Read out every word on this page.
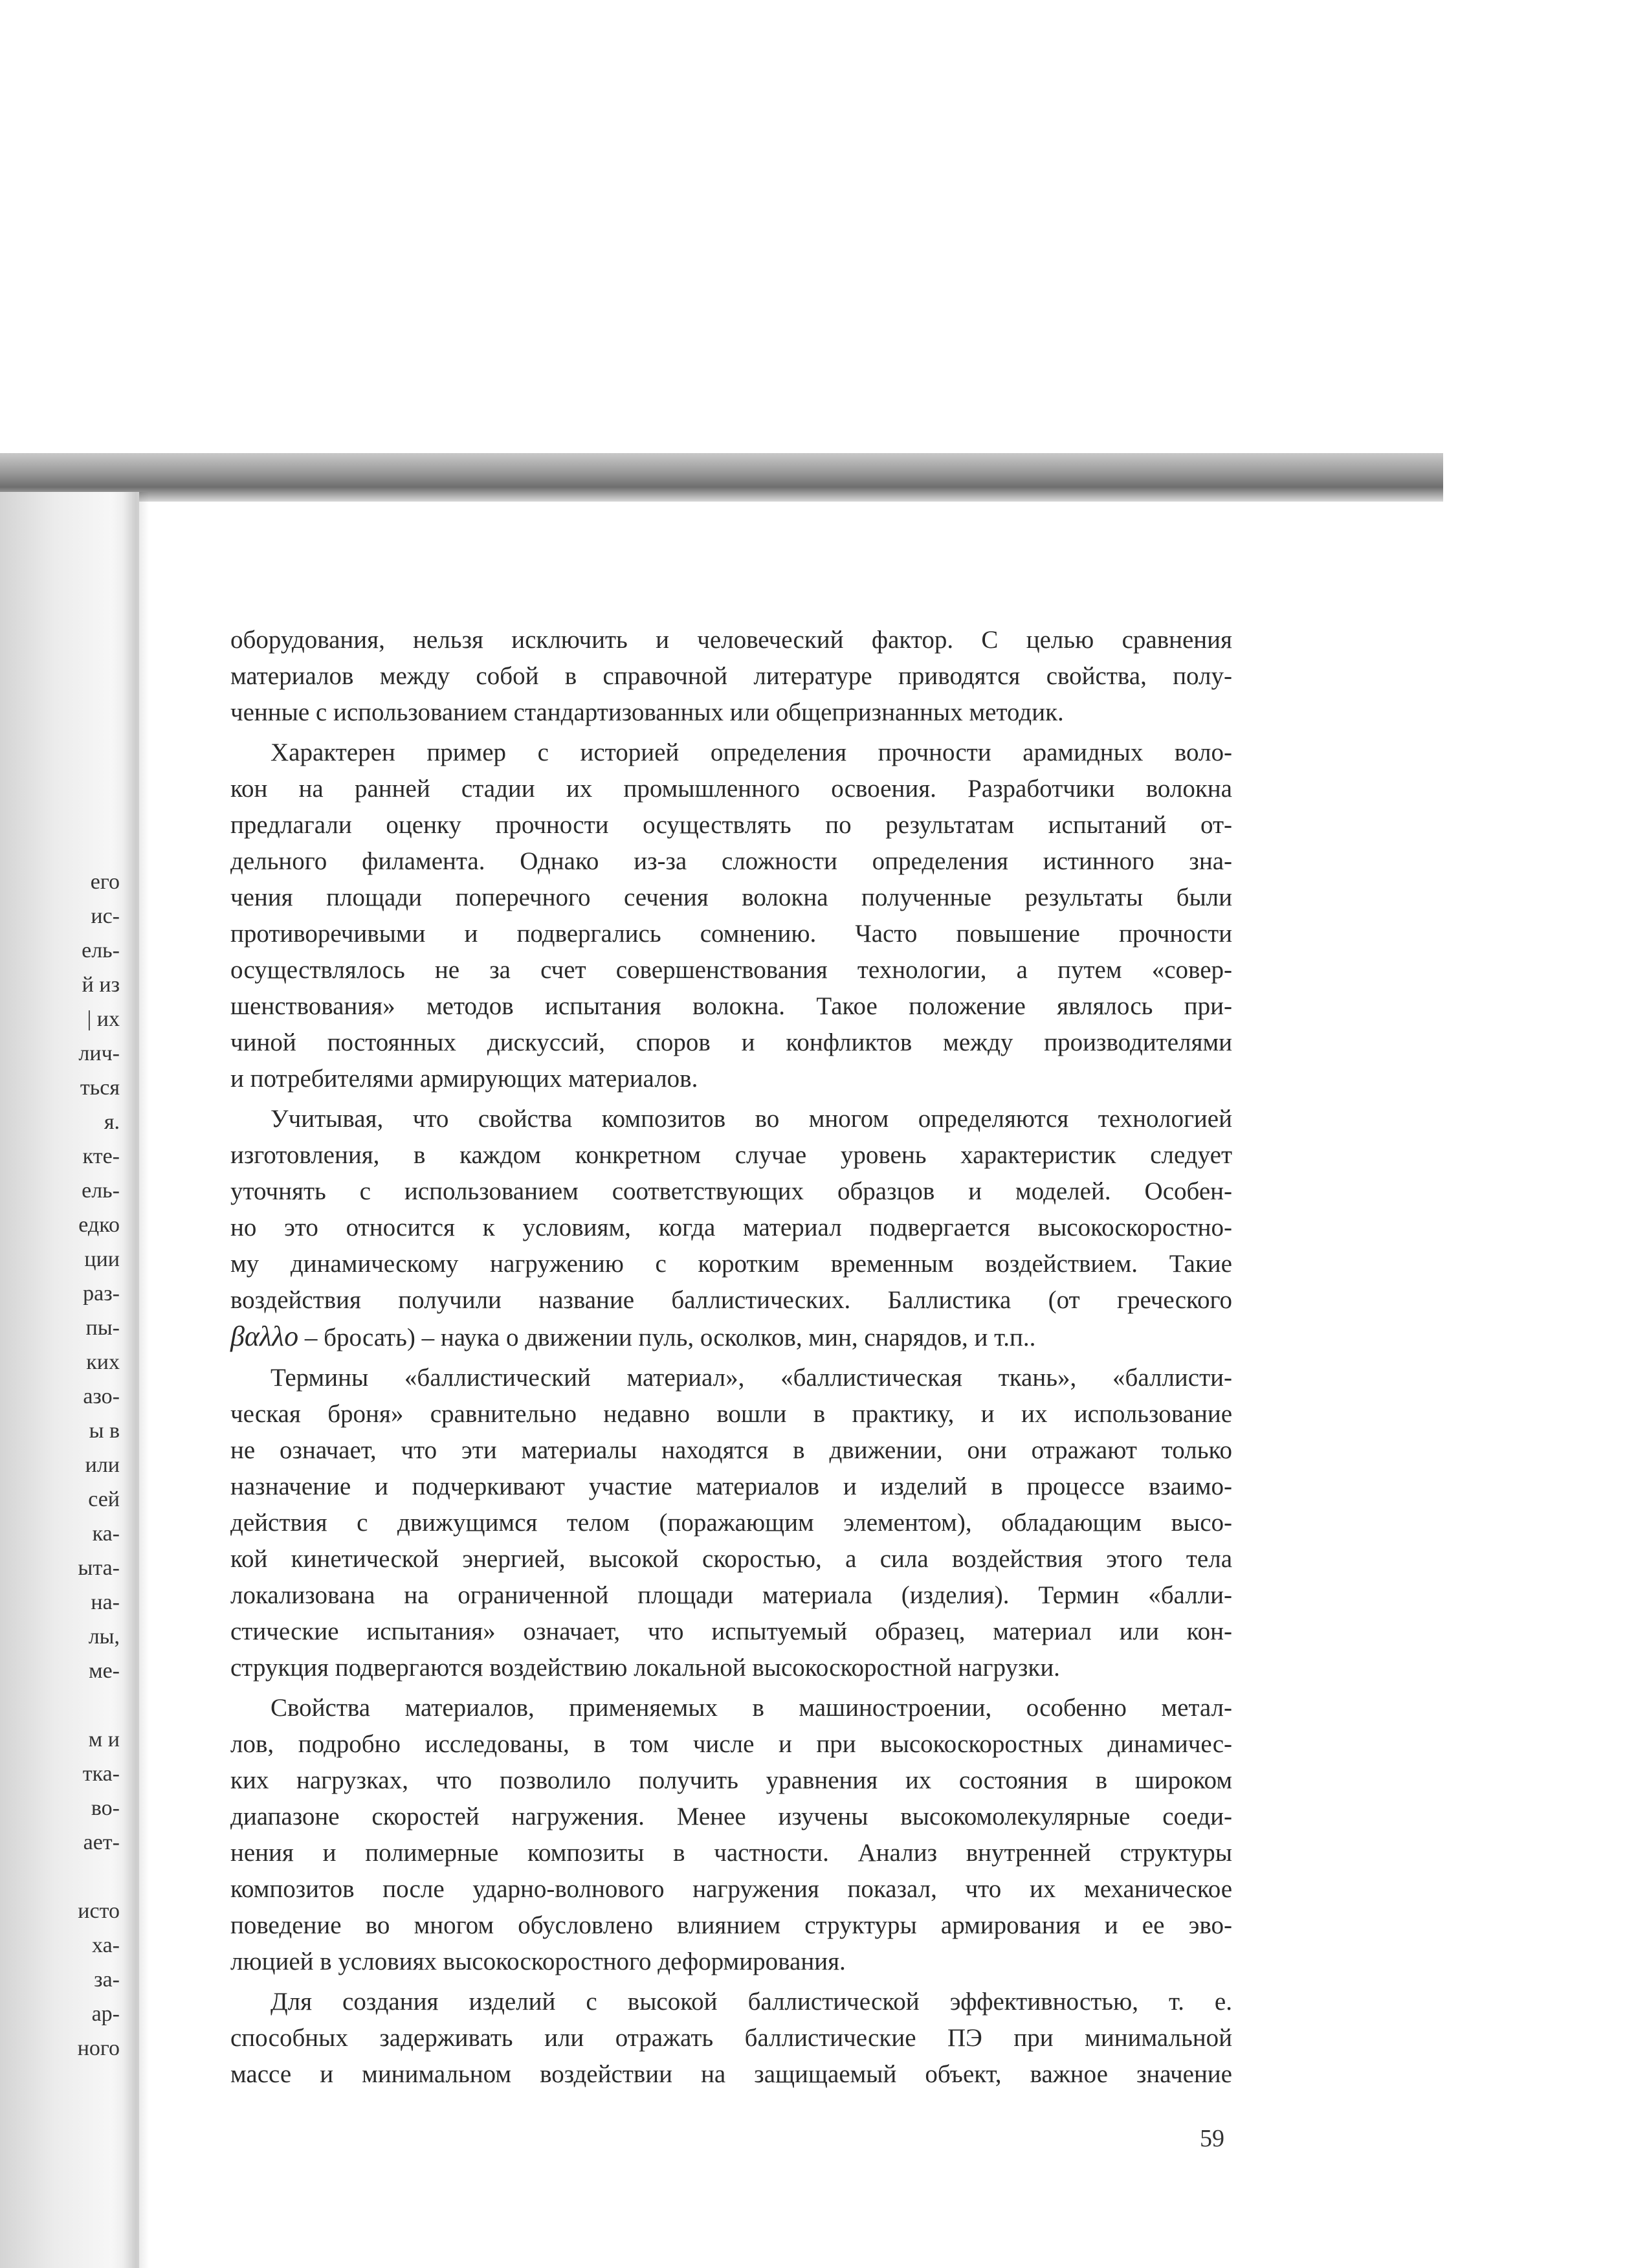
его
ис-
ель-
й из
| их
лич-
ться
я.
кте-
ель-
едко
ции
раз-
пы-
ких
азо-
ы в
или
сей
ка-
ыта-
на-
лы,
ме-
м и
тка-
во-
ает-
исто
ха-
за-
ар-
ного
оборудования, нельзя исключить и человеческий фактор. С целью сравнения
материалов между собой в справочной литературе приводятся свойства, полу-
ченные с использованием стандартизованных или общепризнанных методик.
Характерен пример с историей определения прочности арамидных воло-
кон на ранней стадии их промышленного освоения. Разработчики волокна
предлагали оценку прочности осуществлять по результатам испытаний от-
дельного филамента. Однако из-за сложности определения истинного зна-
чения площади поперечного сечения волокна полученные результаты были
противоречивыми и подвергались сомнению. Часто повышение прочности
осуществлялось не за счет совершенствования технологии, а путем «совер-
шенствования» методов испытания волокна. Такое положение являлось при-
чиной постоянных дискуссий, споров и конфликтов между производителями
и потребителями армирующих материалов.
Учитывая, что свойства композитов во многом определяются технологией
изготовления, в каждом конкретном случае уровень характеристик следует
уточнять с использованием соответствующих образцов и моделей. Особен-
но это относится к условиям, когда материал подвергается высокоскоростно-
му динамическому нагружению с коротким временным воздействием. Такие
воздействия получили название баллистических. Баллистика (от греческого
βαλλο – бросать) – наука о движении пуль, осколков, мин, снарядов, и т.п..
Термины «баллистический материал», «баллистическая ткань», «баллисти-
ческая броня» сравнительно недавно вошли в практику, и их использование
не означает, что эти материалы находятся в движении, они отражают только
назначение и подчеркивают участие материалов и изделий в процессе взаимо-
действия с движущимся телом (поражающим элементом), обладающим высо-
кой кинетической энергией, высокой скоростью, а сила воздействия этого тела
локализована на ограниченной площади материала (изделия). Термин «балли-
стические испытания» означает, что испытуемый образец, материал или кон-
струкция подвергаются воздействию локальной высокоскоростной нагрузки.
Свойства материалов, применяемых в машиностроении, особенно метал-
лов, подробно исследованы, в том числе и при высокоскоростных динамичес-
ких нагрузках, что позволило получить уравнения их состояния в широком
диапазоне скоростей нагружения. Менее изучены высокомолекулярные соеди-
нения и полимерные композиты в частности. Анализ внутренней структуры
композитов после ударно-волнового нагружения показал, что их механическое
поведение во многом обусловлено влиянием структуры армирования и ее эво-
люцией в условиях высокоскоростного деформирования.
Для создания изделий с высокой баллистической эффективностью, т. е.
способных задерживать или отражать баллистические ПЭ при минимальной
массе и минимальном воздействии на защищаемый объект, важное значение
59
